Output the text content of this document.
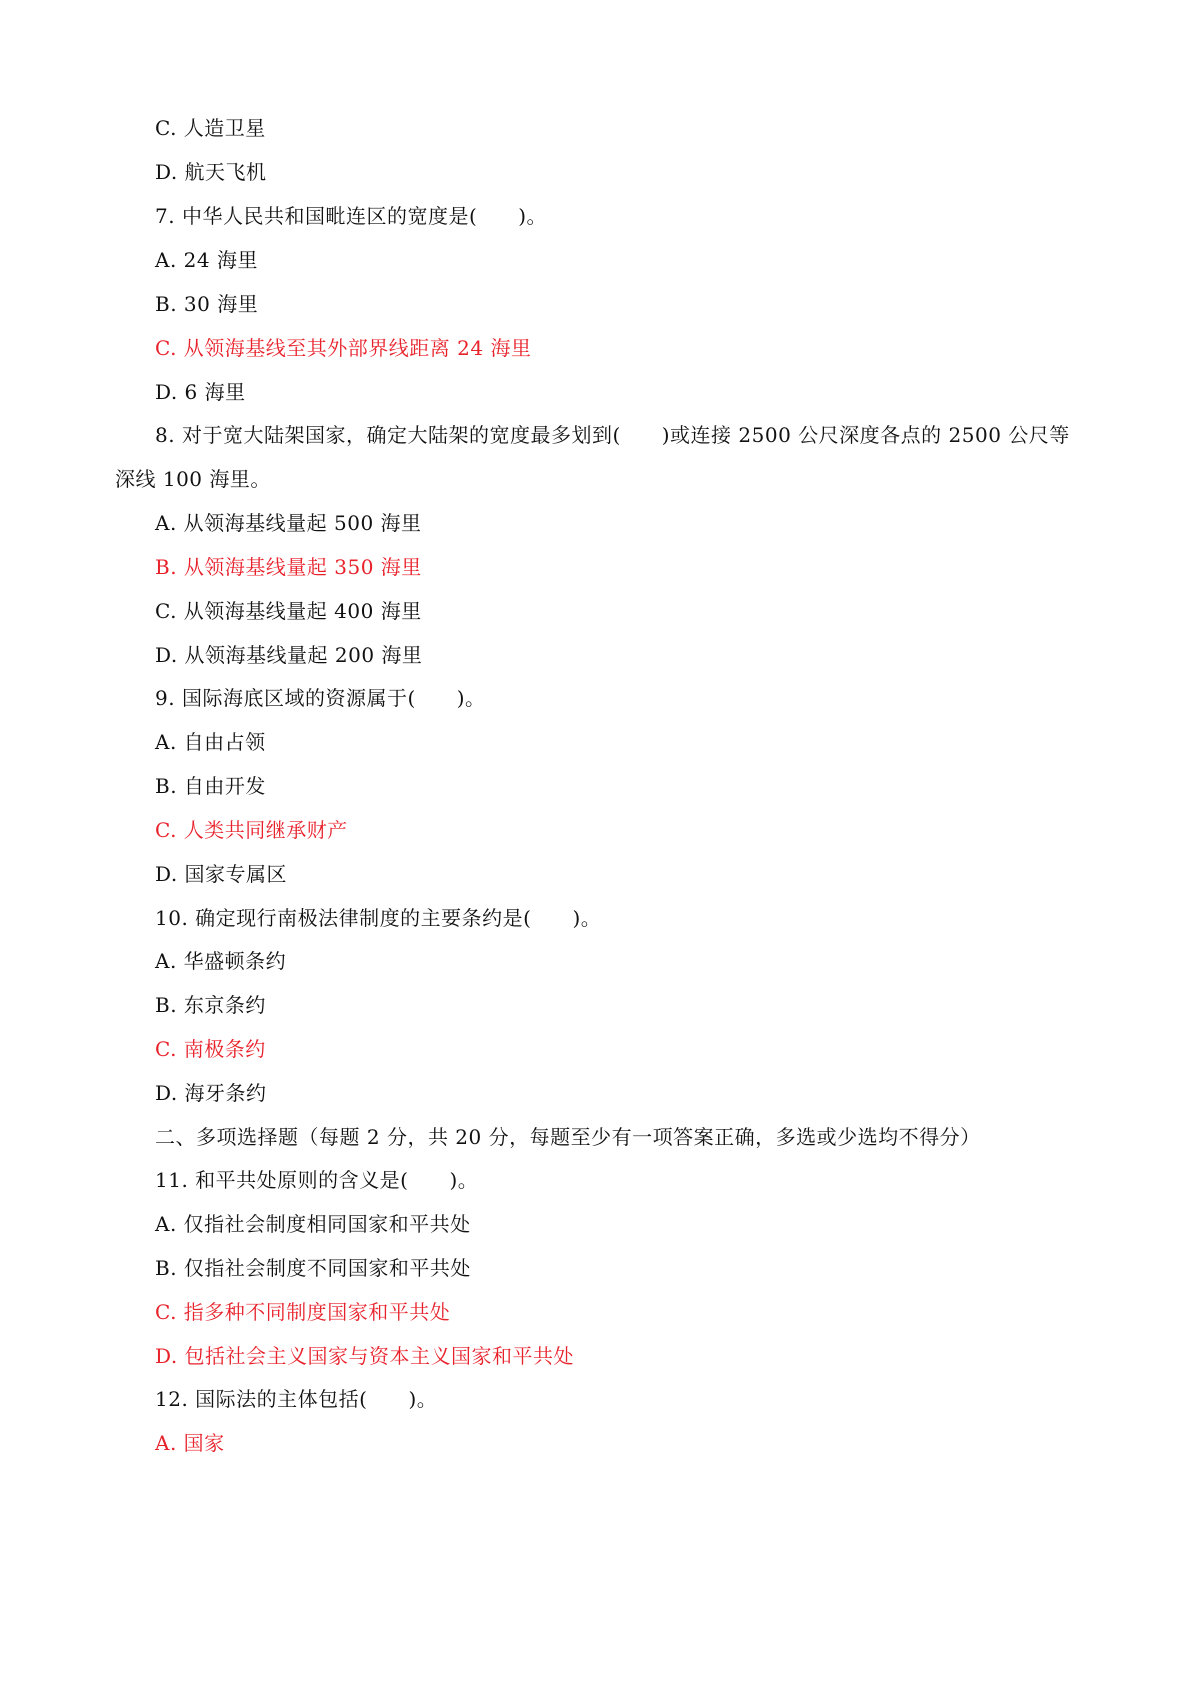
C. 人造卫星
D. 航天飞机
7. 中华人民共和国毗连区的宽度是(　　)。
A. 24 海里
B. 30 海里
C. 从领海基线至其外部界线距离 24 海里
D. 6 海里
8. 对于宽大陆架国家，确定大陆架的宽度最多划到(　　)或连接 2500 公尺深度各点的 2500 公尺等
深线 100 海里。
A. 从领海基线量起 500 海里
B. 从领海基线量起 350 海里
C. 从领海基线量起 400 海里
D. 从领海基线量起 200 海里
9. 国际海底区域的资源属于(　　)。
A. 自由占领
B. 自由开发
C. 人类共同继承财产
D. 国家专属区
10. 确定现行南极法律制度的主要条约是(　　)。
A. 华盛顿条约
B. 东京条约
C. 南极条约
D. 海牙条约
二、多项选择题（每题 2 分，共 20 分，每题至少有一项答案正确，多选或少选均不得分）
11. 和平共处原则的含义是(　　)。
A. 仅指社会制度相同国家和平共处
B. 仅指社会制度不同国家和平共处
C. 指多种不同制度国家和平共处
D. 包括社会主义国家与资本主义国家和平共处
12. 国际法的主体包括(　　)。
A. 国家
